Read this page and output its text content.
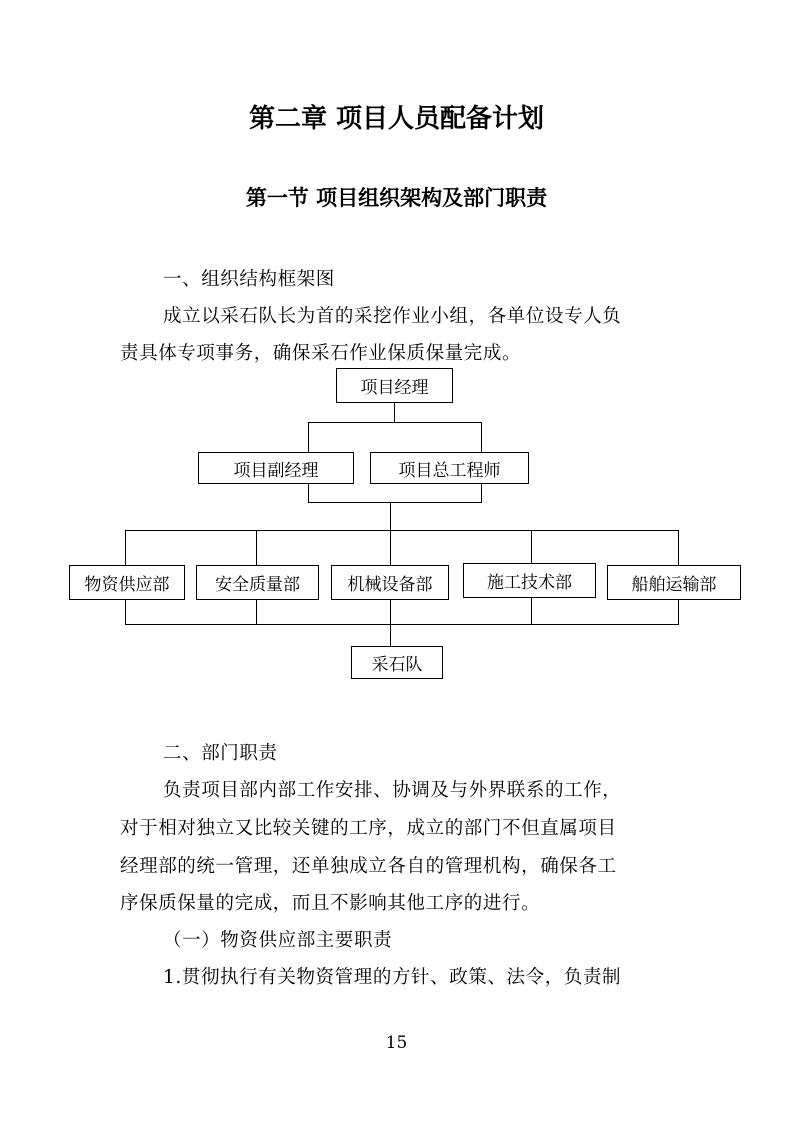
第二章 项目人员配备计划
第一节 项目组织架构及部门职责
一、组织结构框架图
成立以采石队长为首的采挖作业小组，各单位设专人负
责具体专项事务，确保采石作业保质保量完成。
项目经理
项目副经理	项目总工程师
物资供应部	安全质量部	机械设备部	施工技术部	船舶运输部
采石队
二、部门职责
负责项目部内部工作安排、协调及与外界联系的工作，
对于相对独立又比较关键的工序，成立的部门不但直属项目
经理部的统一管理，还单独成立各自的管理机构，确保各工
序保质保量的完成，而且不影响其他工序的进行。
（一）物资供应部主要职责
1.贯彻执行有关物资管理的方针、政策、法令，负责制
15
